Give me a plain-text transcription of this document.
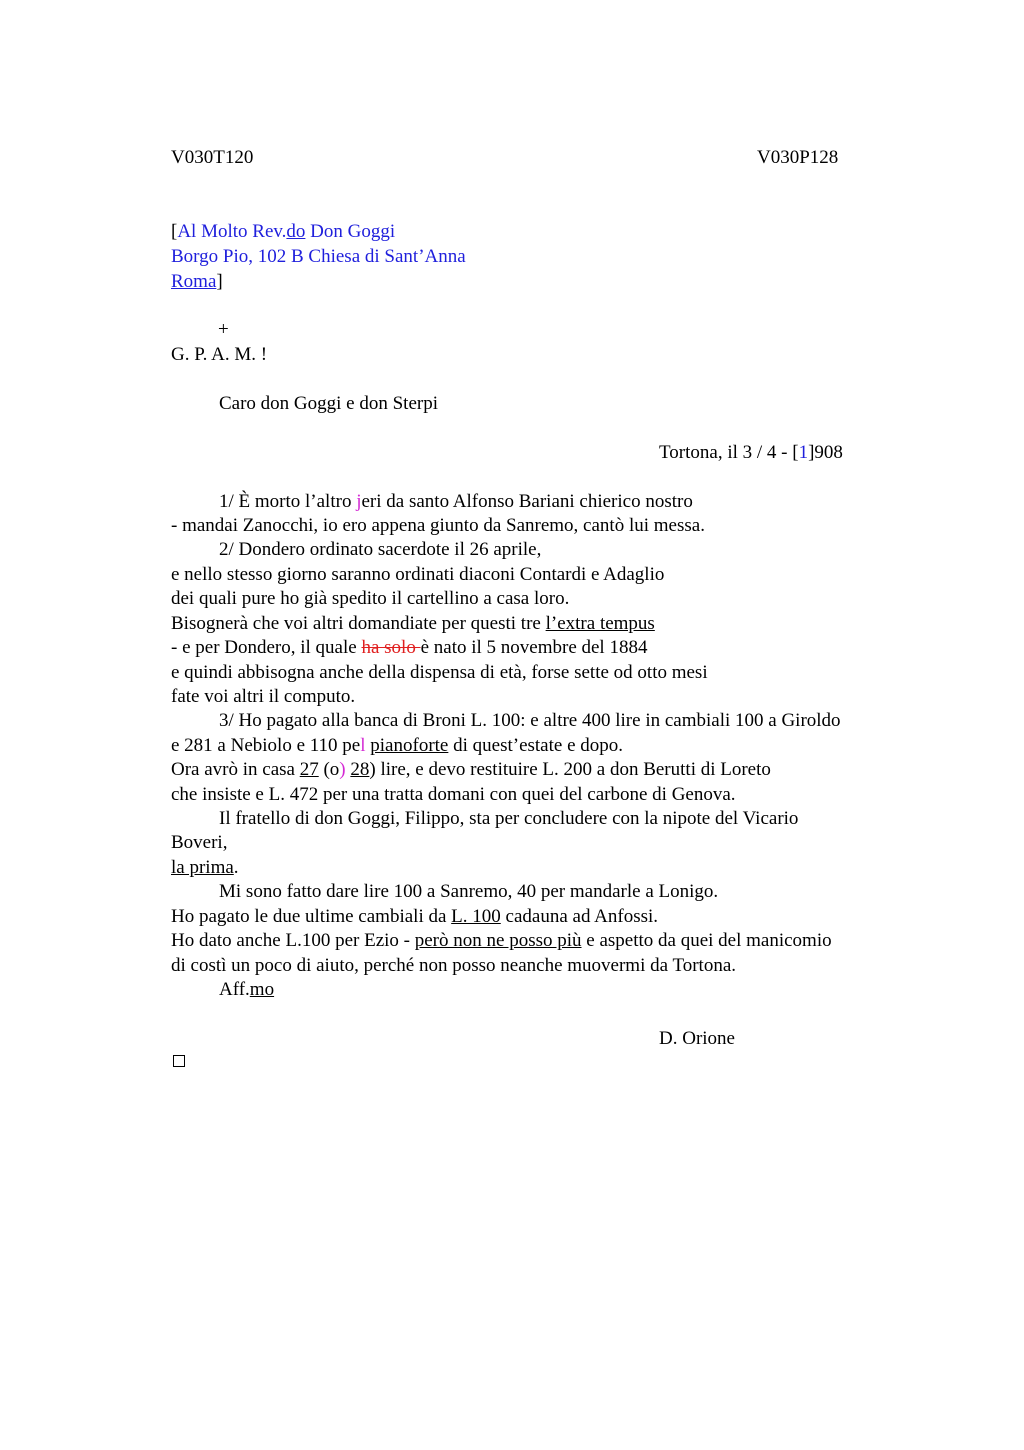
V030T120	V030P128
[Al Molto Rev.do Don Goggi
Borgo Pio, 102 B Chiesa di Sant’Anna
Roma]
+
G. P. A. M. !
Caro don Goggi e don Sterpi
Tortona, il 3 / 4 - [1]908
1/ È morto l’altro jeri da santo Alfonso Bariani chierico nostro
- mandai Zanocchi, io ero appena giunto da Sanremo, cantò lui messa.
2/ Dondero ordinato sacerdote il 26 aprile,
e nello stesso giorno saranno ordinati diaconi Contardi e Adaglio
dei quali pure ho già spedito il cartellino a casa loro.
Bisognerà che voi altri domandiate per questi tre l’extra tempus
- e per Dondero, il quale ha solo è nato il 5 novembre del 1884
e quindi abbisogna anche della dispensa di età, forse sette od otto mesi
fate voi altri il computo.
3/ Ho pagato alla banca di Broni L. 100: e altre 400 lire in cambiali 100 a Giroldo
e 281 a Nebiolo e 110 pel pianoforte di quest’estate e dopo.
Ora avrò in casa 27 (o) 28) lire, e devo restituire L. 200 a don Berutti di Loreto
che insiste e L. 472 per una tratta domani con quei del carbone di Genova.
Il fratello di don Goggi, Filippo, sta per concludere con la nipote del Vicario
Boveri,
la prima.
Mi sono fatto dare lire 100 a Sanremo, 40 per mandarle a Lonigo.
Ho pagato le due ultime cambiali da L. 100 cadauna ad Anfossi.
Ho dato anche L.100 per Ezio - però non ne posso più e aspetto da quei del manicomio
di costì un poco di aiuto, perché non posso neanche muovermi da Tortona.
Aff.mo
D. Orione
